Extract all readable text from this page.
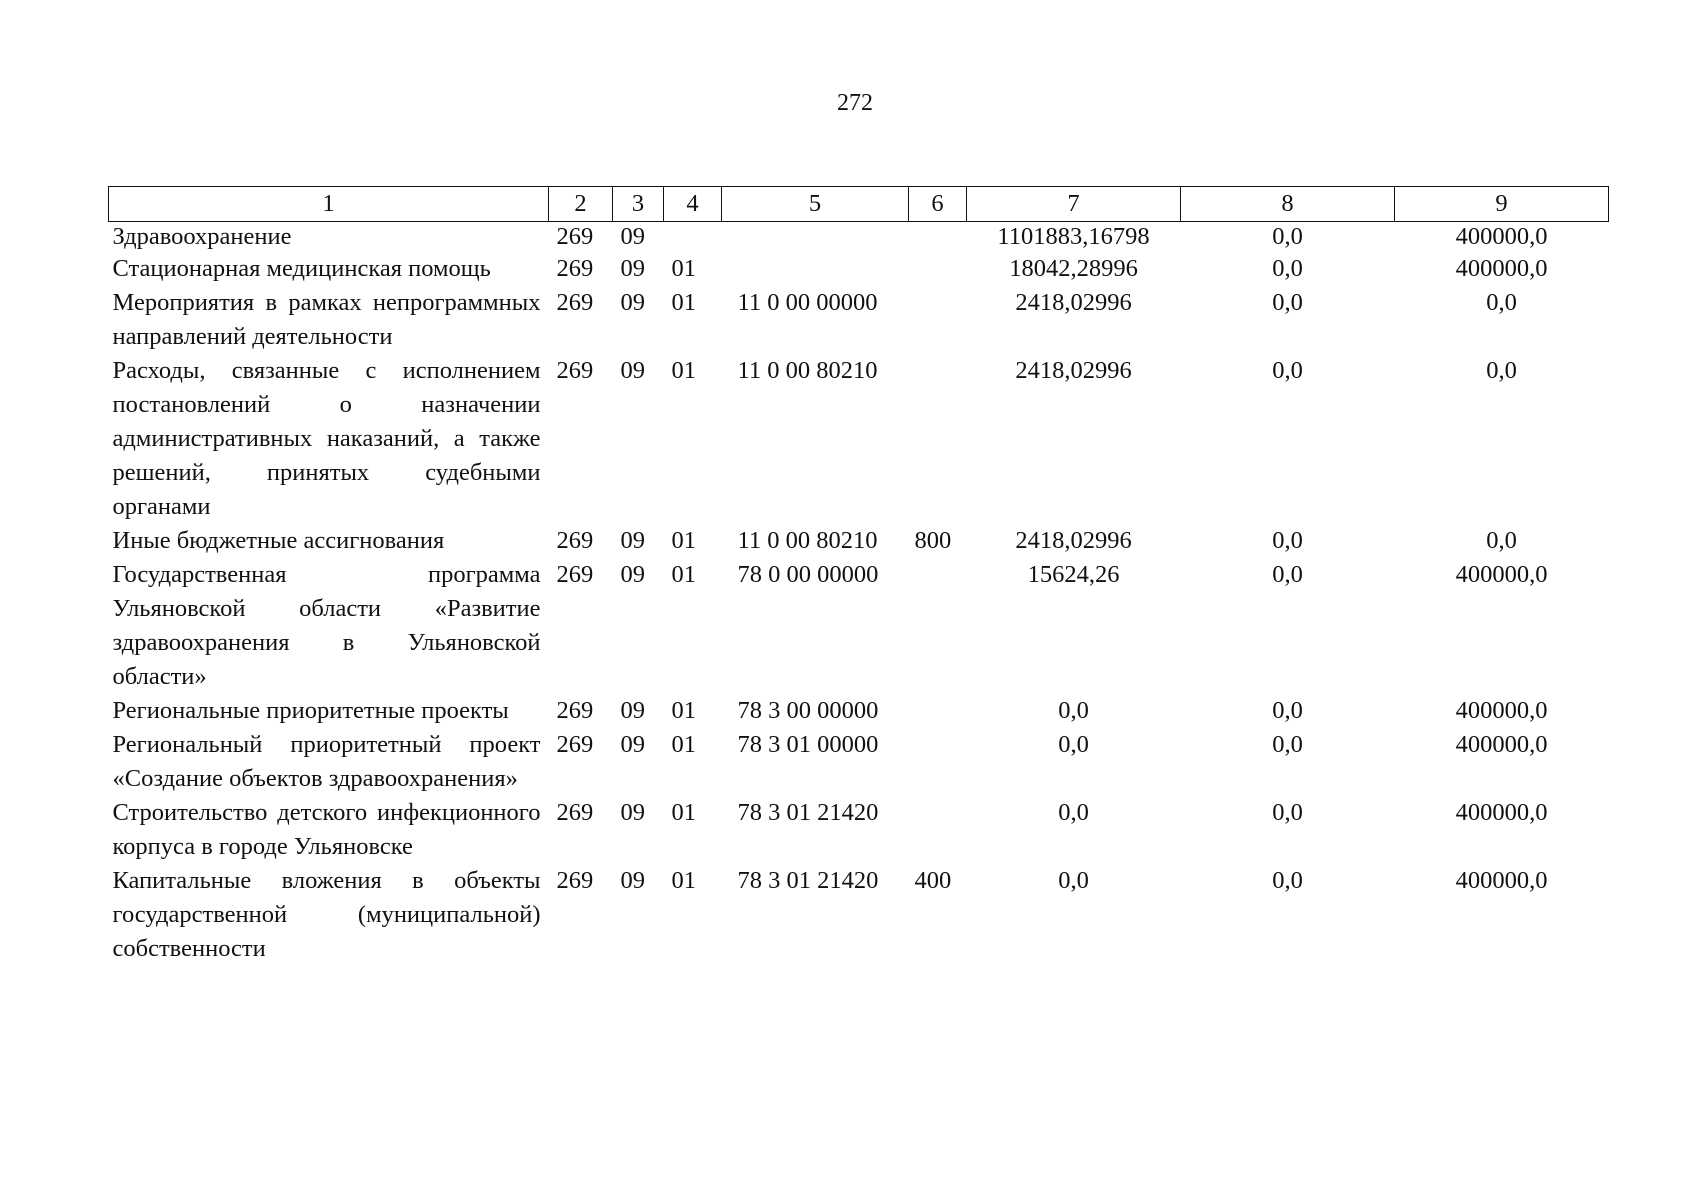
272
1	2	3	4	5	6	7	8	9
Здравоохранение	269	09				1101883,16798	0,0	400000,0
Стационарная медицинская помощь	269	09	01			18042,28996	0,0	400000,0
Мероприятия в рамках непрограммных направлений деятельности	269	09	01	11 0 00 00000		2418,02996	0,0	0,0
Расходы, связанные с исполнением постановлений о назначении административных наказаний, а также решений, принятых судебными органами	269	09	01	11 0 00 80210		2418,02996	0,0	0,0
Иные бюджетные ассигнования	269	09	01	11 0 00 80210	800	2418,02996	0,0	0,0
Государственная программа Ульяновской области «Развитие здравоохранения в Ульяновской области»	269	09	01	78 0 00 00000		15624,26	0,0	400000,0
Региональные приоритетные проекты	269	09	01	78 3 00 00000		0,0	0,0	400000,0
Региональный приоритетный проект «Создание объектов здравоохранения»	269	09	01	78 3 01 00000		0,0	0,0	400000,0
Строительство детского инфекционного корпуса в городе Ульяновске	269	09	01	78 3 01 21420		0,0	0,0	400000,0
Капитальные вложения в объекты государственной (муниципальной) собственности	269	09	01	78 3 01 21420	400	0,0	0,0	400000,0
